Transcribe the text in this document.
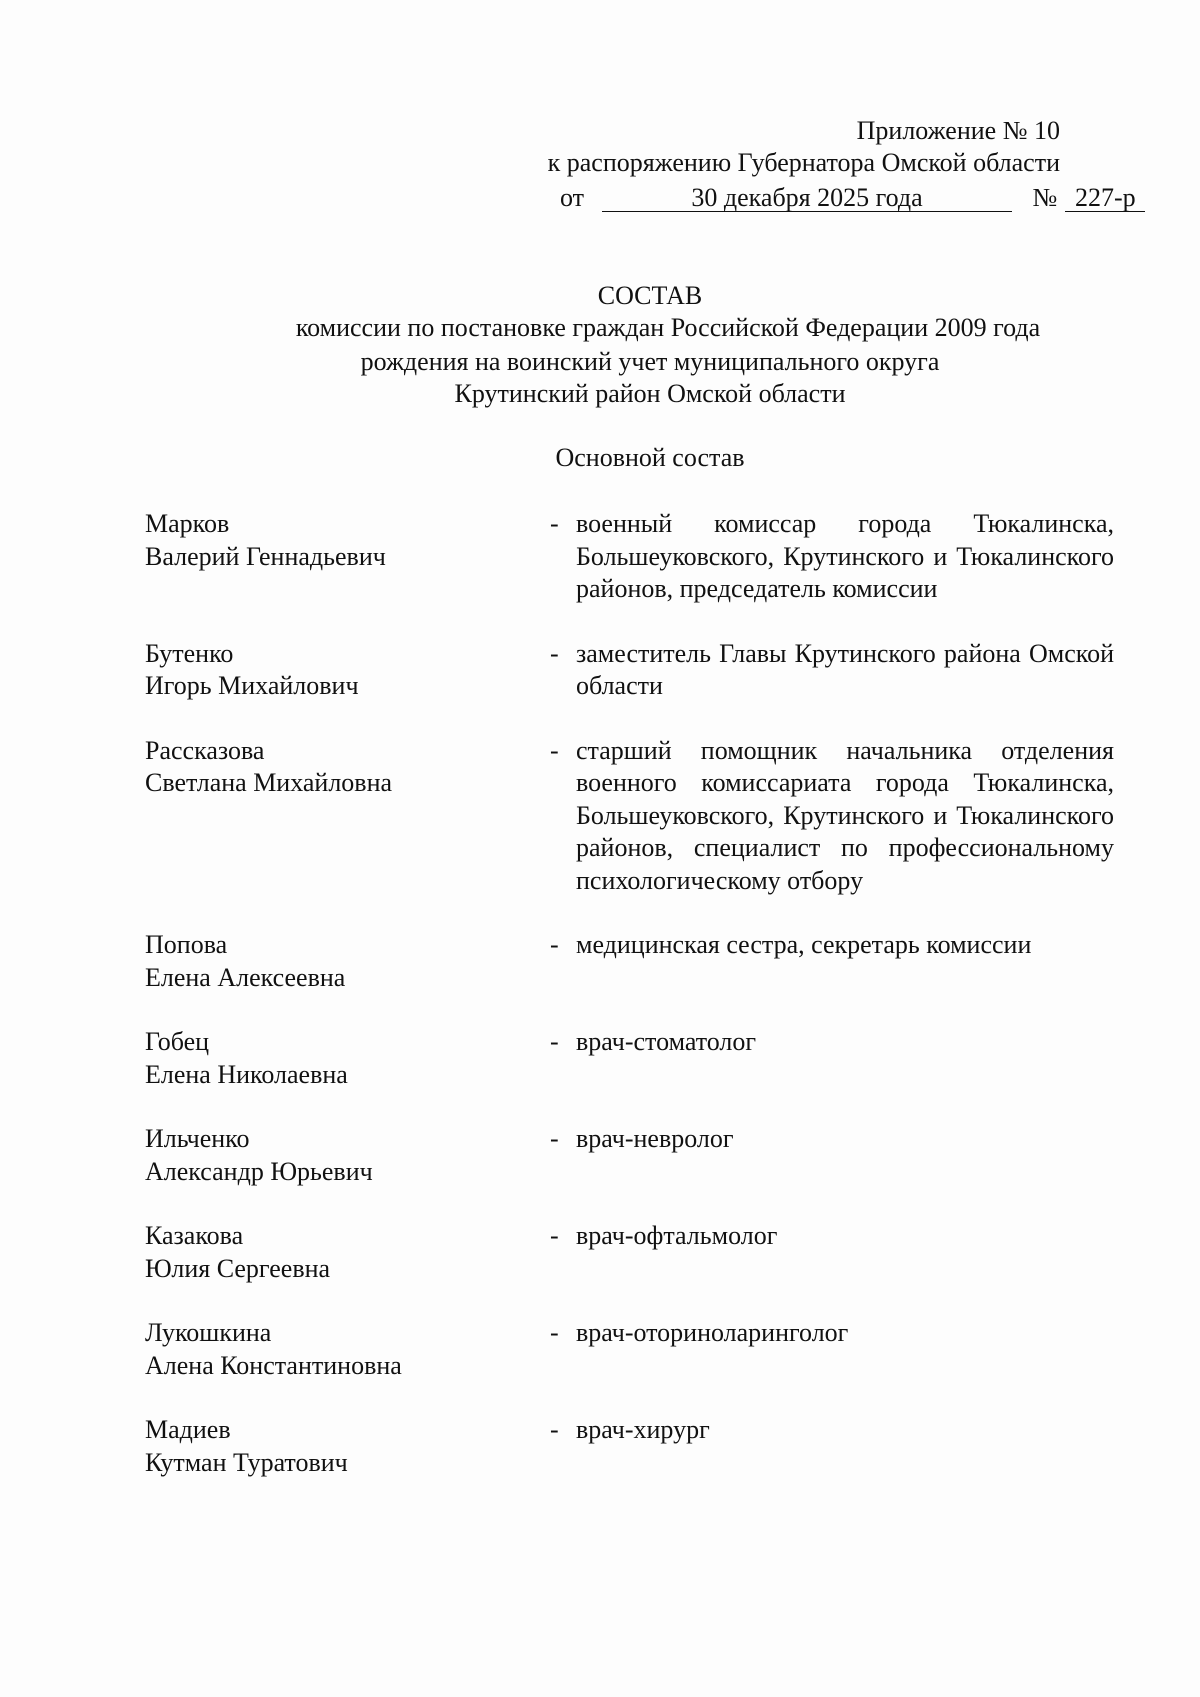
Приложение № 10
к распоряжению Губернатора Омской области
от	30 декабря 2025 года	№ 227-р
СОСТАВ
комиссии по постановке граждан Российской Федерации 2009 года
рождения на воинский учет муниципального округа
Крутинский район Омской области
Основной состав
Марков
Валерий Геннадьевич
- военный комиссар города Тюкалинска, Большеуковского, Крутинского и Тюкалинского районов, председатель комиссии
Бутенко
Игорь Михайлович
- заместитель Главы Крутинского района Омской области
Рассказова
Светлана Михайловна
- старший помощник начальника отделения военного комиссариата города Тюкалинска, Большеуковского, Крутинского и Тюкалинского районов, специалист по профессиональному психологическому отбору
Попова
Елена Алексеевна
- медицинская сестра, секретарь комиссии
Гобец
Елена Николаевна
- врач-стоматолог
Ильченко
Александр Юрьевич
- врач-невролог
Казакова
Юлия Сергеевна
- врач-офтальмолог
Лукошкина
Алена Константиновна
- врач-оториноларинголог
Мадиев
Кутман Туратович
- врач-хирург
